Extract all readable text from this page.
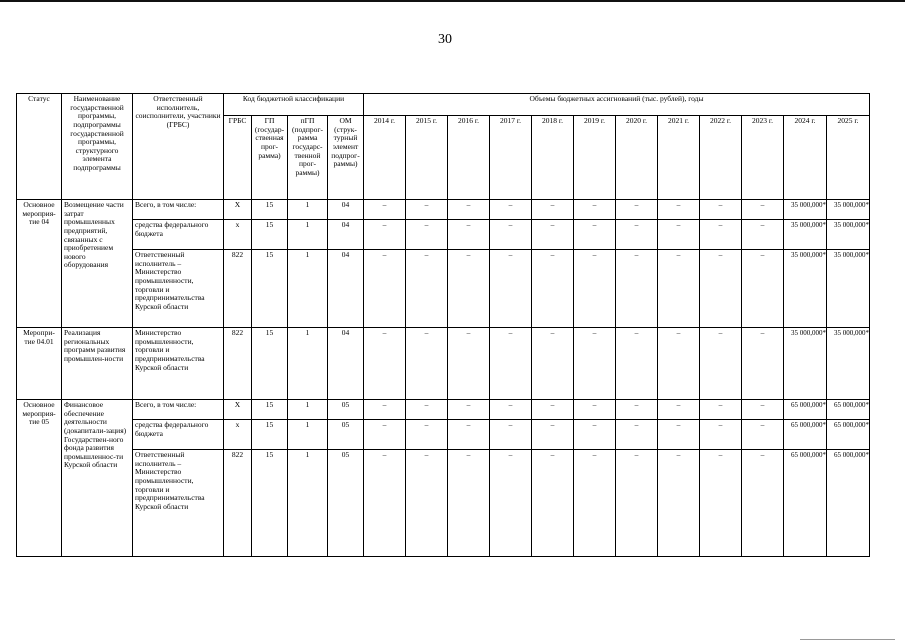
30
Статус	Наименование государственной программы, подпрограммы государственной программы, структурного элемента подпрограммы	Ответственный исполнитель, соисполнители, участники (ГРБС)	Код бюджетной классификации				Объемы бюджетных ассигнований (тыс. рублей), годы											
			ГРБС	ГП (государ-ственная прог-рамма)	пГП (подпрог-рамма государс-твенной прог-раммы)	ОМ (струк-турный элемент подпрог-раммы)	2014 г.	2015 г.	2016 г.	2017 г.	2018 г.	2019 г.	2020 г.	2021 г.	2022 г.	2023 г.	2024 г.	2025 г.
Основное мероприя-тие 04	Возмещение части затрат промышленных предприятий, связанных с приобретением нового оборудования	Всего, в том числе:	Х	15	1	04	–	–	–	–	–	–	–	–	–	–	35 000,000*	35 000,000*
		средства федерального бюджета	х	15	1	04	–	–	–	–	–	–	–	–	–	–	35 000,000*	35 000,000*
		Ответственный исполнитель – Министерство промышленности, торговли и предпринимательства Курской области	822	15	1	04	–	–	–	–	–	–	–	–	–	–	35 000,000*	35 000,000*
Меропри-тие 04.01	Реализация региональных программ развития промышлен-ности	Министерство промышленности, торговли и предпринимательства Курской области	822	15	1	04	–	–	–	–	–	–	–	–	–	–	35 000,000*	35 000,000*
Основное мероприя-тие 05	Финансовое обеспечение деятельности (докапитали-зация) Государствен-ного фонда развития промышленнос-ти Курской области	Всего, в том числе:	Х	15	1	05	–	–	–	–	–	–	–	–	–	–	65 000,000*	65 000,000*
		средства федерального бюджета	х	15	1	05	–	–	–	–	–	–	–	–	–	–	65 000,000*	65 000,000*
		Ответственный исполнитель – Министерство промышленности, торговли и предпринимательства Курской области	822	15	1	05	–	–	–	–	–	–	–	–	–	–	65 000,000*	65 000,000*
